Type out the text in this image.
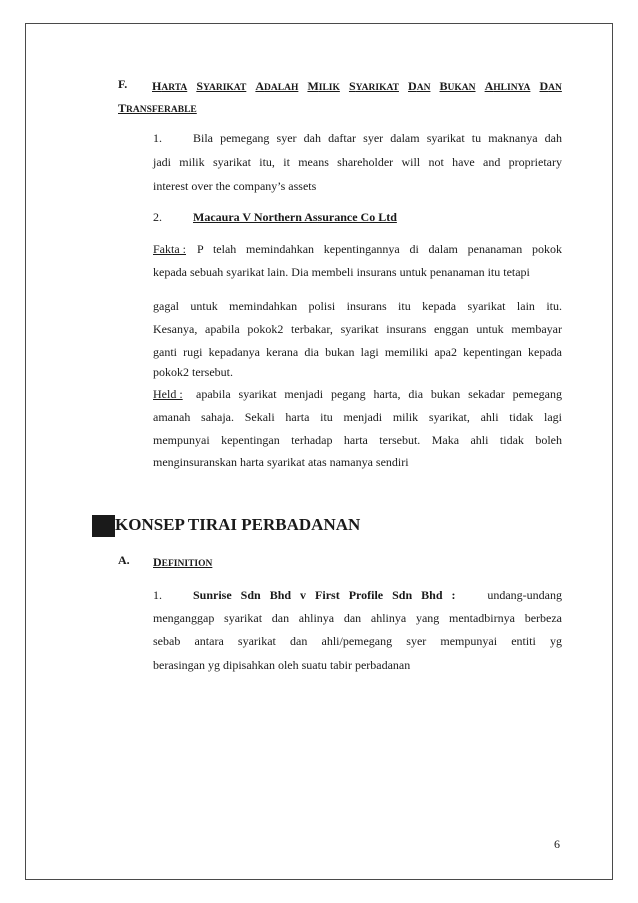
F. HARTA SYARIKAT ADALAH MILIK SYARIKAT DAN BUKAN AHLINYA DAN
TRANSFERABLE
1.	Bila pemegang syer dah daftar syer dalam syarikat tu maknanya dah
jadi milik syarikat itu, it means shareholder will not have and proprietary
interest over the company’s assets
2.	Macaura V Northern Assurance Co Ltd
Fakta : P telah memindahkan kepentingannya di dalam penanaman pokok
kepada sebuah syarikat lain. Dia membeli insurans untuk penanaman itu tetapi
gagal untuk memindahkan polisi insurans itu kepada syarikat lain itu.
Kesanya, apabila pokok2 terbakar, syarikat insurans enggan untuk membayar
ganti rugi kepadanya kerana dia bukan lagi memiliki apa2 kepentingan kepada
pokok2 tersebut.
Held : apabila syarikat menjadi pegang harta, dia bukan sekadar pemegang
amanah sahaja. Sekali harta itu menjadi milik syarikat, ahli tidak lagi
mempunyai kepentingan terhadap harta tersebut. Maka ahli tidak boleh
menginsuranskan harta syarikat atas namanya sendiri
KONSEP TIRAI PERBADANAN
A. DEFINITION
1.	Sunrise Sdn Bhd v First Profile Sdn Bhd :	undang-undang
menganggap syarikat dan ahlinya dan ahlinya yang mentadbirnya berbeza
sebab antara syarikat dan ahli/pemegang syer mempunyai entiti yg
berasingan yg dipisahkan oleh suatu tabir perbadanan
6
